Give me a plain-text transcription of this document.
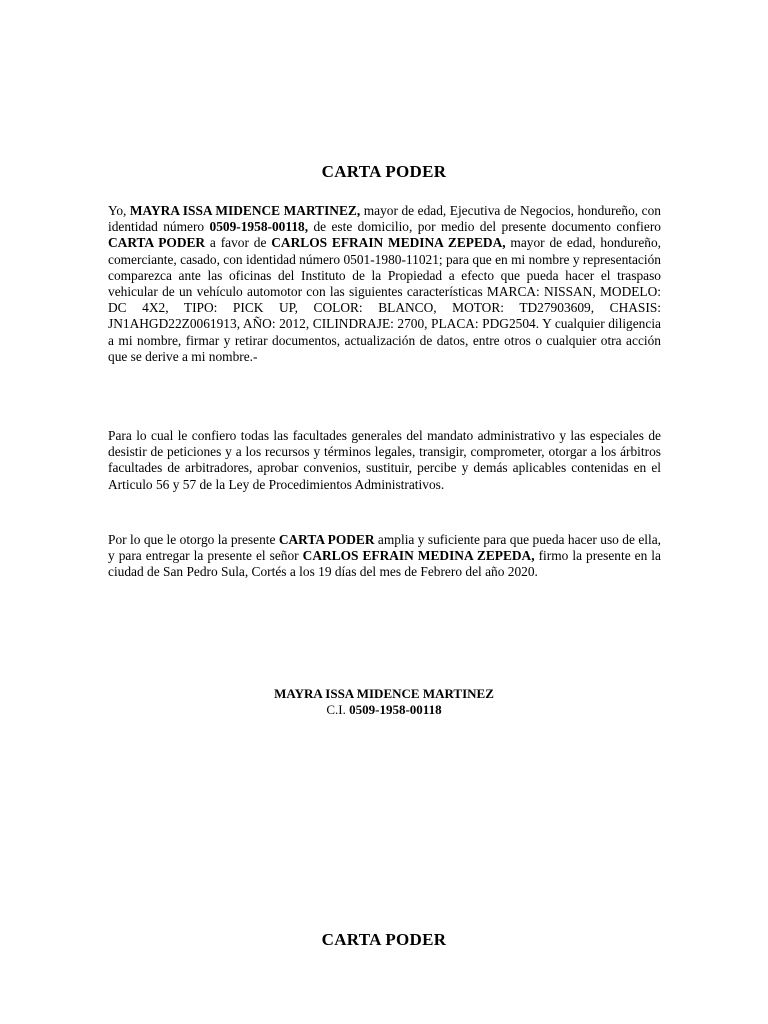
CARTA PODER
Yo, MAYRA ISSA MIDENCE MARTINEZ, mayor de edad, Ejecutiva de Negocios, hondureño, con identidad número 0509-1958-00118, de este domicilio, por medio del presente documento confiero CARTA PODER a favor de CARLOS EFRAIN MEDINA ZEPEDA, mayor de edad, hondureño, comerciante, casado, con identidad número 0501-1980-11021; para que en mi nombre y representación comparezca ante las oficinas del Instituto de la Propiedad a efecto que pueda hacer el traspaso vehicular de un vehículo automotor con las siguientes características MARCA: NISSAN, MODELO: DC 4X2, TIPO: PICK UP, COLOR: BLANCO, MOTOR: TD27903609, CHASIS: JN1AHGD22Z0061913, AÑO: 2012, CILINDRAJE: 2700, PLACA: PDG2504. Y cualquier diligencia a mi nombre, firmar y retirar documentos, actualización de datos, entre otros o cualquier otra acción que se derive a mi nombre.-
Para lo cual le confiero todas las facultades generales del mandato administrativo y las especiales de desistir de peticiones y a los recursos y términos legales, transigir, comprometer, otorgar a los árbitros facultades de arbitradores, aprobar convenios, sustituir, percibe y demás aplicables contenidas en el Articulo 56 y 57 de la Ley de Procedimientos Administrativos.
Por lo que le otorgo la presente CARTA PODER amplia y suficiente para que pueda hacer uso de ella, y para entregar la presente el señor CARLOS EFRAIN MEDINA ZEPEDA, firmo la presente en la ciudad de San Pedro Sula, Cortés a los 19 días del mes de Febrero del año 2020.
MAYRA ISSA MIDENCE MARTINEZ
C.I. 0509-1958-00118
CARTA PODER
